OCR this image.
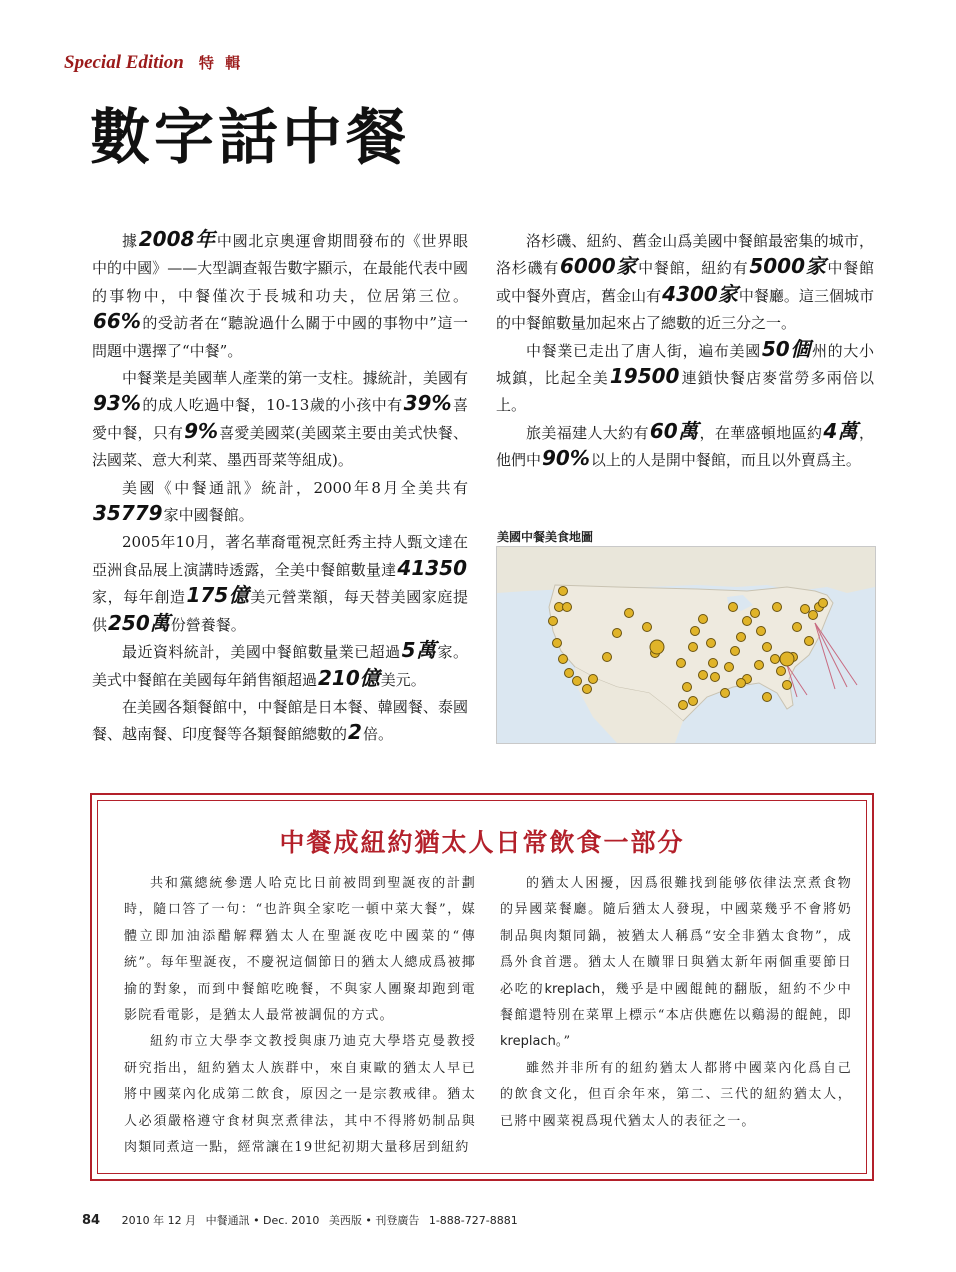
Special Edition 特 輯
數字話中餐

據2008年中國北京奧運會期間發布的《世界眼中的中國》——大型調查報告數字顯示，在最能代表中國的事物中，中餐僅次于長城和功夫，位居第三位。66%的受訪者在“聽說過什么關于中國的事物中”這一問題中選擇了“中餐”。

中餐業是美國華人產業的第一支柱。據統計，美國有93%的成人吃過中餐，10-13歲的小孩中有39%喜愛中餐，只有9%喜愛美國菜(美國菜主要由美式快餐、法國菜、意大利菜、墨西哥菜等組成)。

美國《中餐通訊》統計，2000年8月全美共有35779家中國餐館。

2005年10月，著名華裔電視烹飪秀主持人甄文達在亞洲食品展上演講時透露，全美中餐館數量達41350家，每年創造175億美元營業額，每天替美國家庭提供250萬份營養餐。

最近資料統計，美國中餐館數量業已超過5萬家。美式中餐館在美國每年銷售額超過210億美元。

在美國各類餐館中，中餐館是日本餐、韓國餐、泰國餐、越南餐、印度餐等各類餐館總數的2倍。

洛杉磯、紐約、舊金山爲美國中餐館最密集的城市，洛杉磯有6000家中餐館，紐約有5000家中餐館或中餐外賣店，舊金山有4300家中餐廳。這三個城市的中餐館數量加起來占了總數的近三分之一。

中餐業已走出了唐人街，遍布美國50個州的大小城鎮，比起全美19500連鎖快餐店麥當勞多兩倍以上。

旅美福建人大約有60萬，在華盛頓地區約4萬，他們中90%以上的人是開中餐館，而且以外賣爲主。

美國中餐美食地圖
中餐成紐約猶太人日常飲食一部分

共和黨總統參選人哈克比日前被問到聖誕夜的計劃時，隨口答了一句：“也許與全家吃一頓中菜大餐”，媒體立即加油添醋解釋猶太人在聖誕夜吃中國菜的“傳統”。每年聖誕夜，不慶祝這個節日的猶太人總成爲被揶揄的對象，而到中餐館吃晚餐，不與家人團聚却跑到電影院看電影，是猶太人最常被調侃的方式。

紐約市立大學李文教授與康乃迪克大學塔克曼教授研究指出，紐約猶太人族群中，來自東歐的猶太人早已將中國菜內化成第二飲食，原因之一是宗教戒律。猶太人必須嚴格遵守食材與烹煮律法，其中不得將奶制品與肉類同煮這一點，經常讓在19世紀初期大量移居到紐約

的猶太人困擾，因爲很難找到能够依律法烹煮食物的异國菜餐廳。隨后猶太人發現，中國菜幾乎不會將奶制品與肉類同鍋，被猶太人稱爲“安全非猶太食物”，成爲外食首選。猶太人在贖罪日與猶太新年兩個重要節日必吃的kreplach，幾乎是中國餛飩的翻版，紐約不少中餐館還特別在菜單上標示“本店供應佐以鷄湯的餛飩，即kreplach。”

雖然并非所有的紐約猶太人都將中國菜內化爲自己的飲食文化，但百余年來，第二、三代的紐約猶太人，已將中國菜視爲現代猶太人的表征之一。

84 2010 年 12 月 中餐通訊 • Dec. 2010 美西版 • 刊登廣告 1-888-727-8881
